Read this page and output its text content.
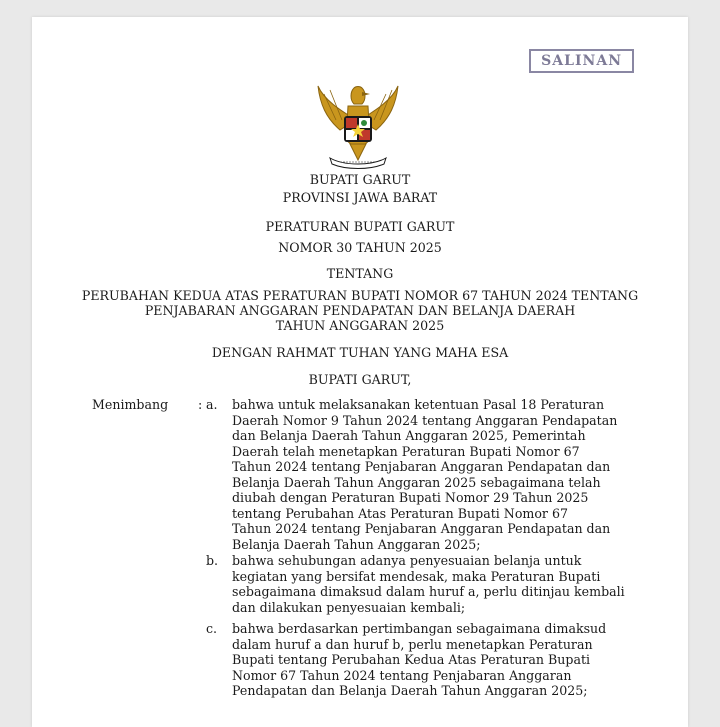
SALINAN
BUPATI GARUT
PROVINSI JAWA BARAT
PERATURAN BUPATI GARUT
NOMOR 30 TAHUN 2025
TENTANG
PERUBAHAN KEDUA ATAS PERATURAN BUPATI NOMOR 67 TAHUN 2024 TENTANG
PENJABARAN ANGGARAN PENDAPATAN DAN BELANJA DAERAH
TAHUN ANGGARAN 2025
DENGAN RAHMAT TUHAN YANG MAHA ESA
BUPATI GARUT,
Menimbang : a.	bahwa untuk melaksanakan ketentuan Pasal 18 Peraturan
Daerah Nomor 9 Tahun 2024 tentang Anggaran Pendapatan
dan Belanja Daerah Tahun Anggaran 2025, Pemerintah
Daerah telah menetapkan Peraturan Bupati Nomor 67
Tahun 2024 tentang Penjabaran Anggaran Pendapatan dan
Belanja Daerah Tahun Anggaran 2025 sebagaimana telah
diubah dengan Peraturan Bupati Nomor 29 Tahun 2025
tentang Perubahan Atas Peraturan Bupati Nomor 67
Tahun 2024 tentang Penjabaran Anggaran Pendapatan dan
Belanja Daerah Tahun Anggaran 2025;
b.	bahwa sehubungan adanya penyesuaian belanja untuk
kegiatan yang bersifat mendesak, maka Peraturan Bupati
sebagaimana dimaksud dalam huruf a, perlu ditinjau kembali
dan dilakukan penyesuaian kembali;
c.	bahwa berdasarkan pertimbangan sebagaimana dimaksud
dalam huruf a dan huruf b, perlu menetapkan Peraturan
Bupati tentang Perubahan Kedua Atas Peraturan Bupati
Nomor 67 Tahun 2024 tentang Penjabaran Anggaran
Pendapatan dan Belanja Daerah Tahun Anggaran 2025;
